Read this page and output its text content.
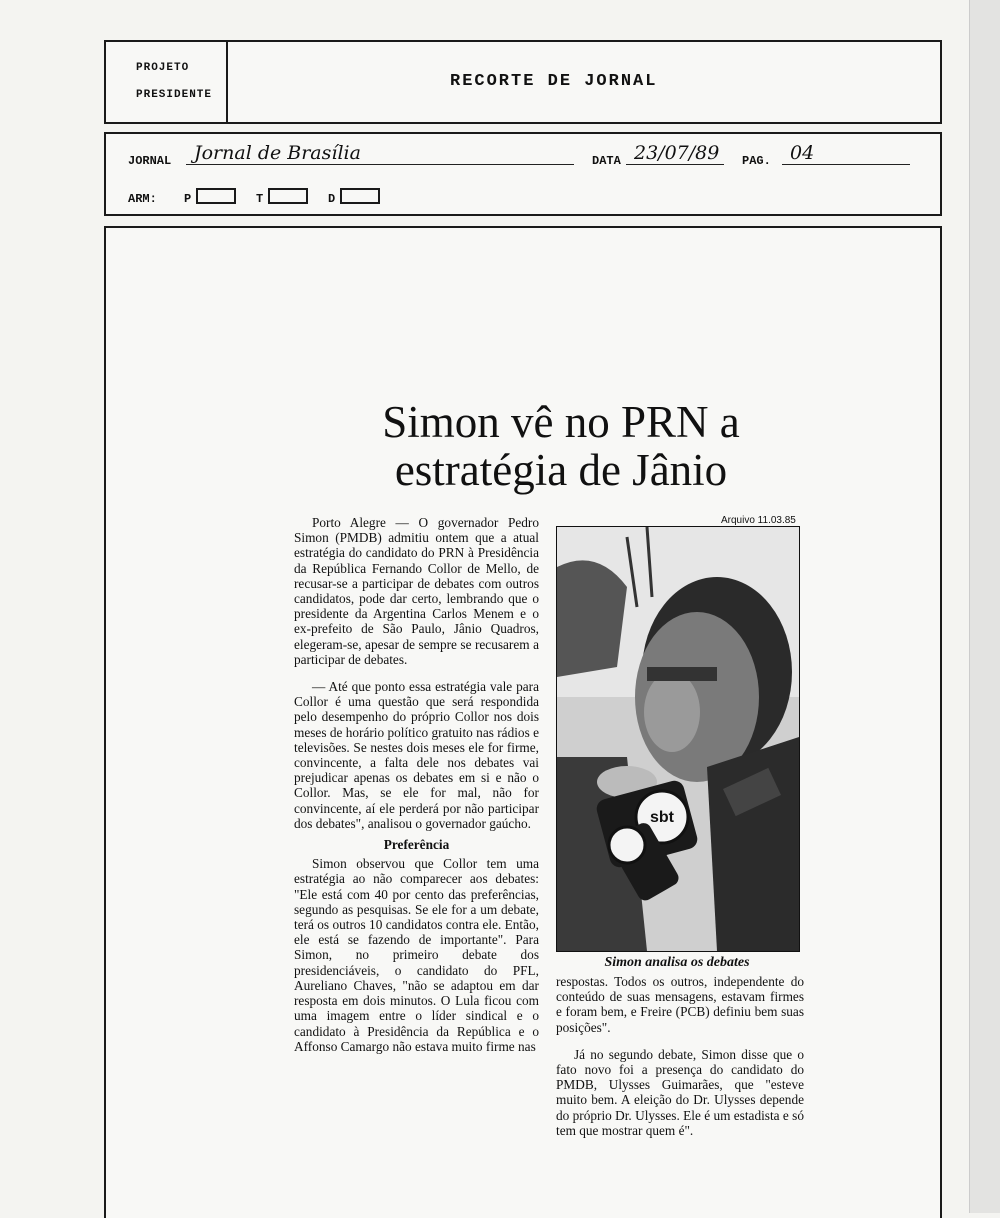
PROJETO
PRESIDENTE
RECORTE DE JORNAL
JORNAL	Jornal de Brasília	DATA 23/07/89	PAG.	04
ARM: P	T	D
Simon vê no PRN a
estratégia de Jânio

Porto Alegre — O governador Pedro Simon (PMDB) admitiu ontem que a atual estratégia do candidato do PRN à Presidência da República Fernando Collor de Mello, de recusar-se a participar de debates com outros candidatos, pode dar certo, lembrando que o presidente da Argentina Carlos Menem e o ex-prefeito de São Paulo, Jânio Quadros, elegeram-se, apesar de sempre se recusarem a participar de debates.

— Até que ponto essa estratégia vale para Collor é uma questão que será respondida pelo desempenho do próprio Collor nos dois meses de horário político gratuito nas rádios e televisões. Se nestes dois meses ele for firme, convincente, a falta dele nos debates vai prejudicar apenas os debates em si e não o Collor. Mas, se ele for mal, não for convincente, aí ele perderá por não participar dos debates", analisou o governador gaúcho.

Preferência

Simon observou que Collor tem uma estratégia ao não comparecer aos debates: "Ele está com 40 por cento das preferências, segundo as pesquisas. Se ele for a um debate, terá os outros 10 candidatos contra ele. Então, ele está se fazendo de importante". Para Simon, no primeiro debate dos presidenciáveis, o candidato do PFL, Aureliano Chaves, "não se adaptou em dar resposta em dois minutos. O Lula ficou com uma imagem entre o líder sindical e o candidato à Presidência da República e o Affonso Camargo não estava muito firme nas

Arquivo 11.03.85
sbt
Simon analisa os debates

respostas. Todos os outros, independente do conteúdo de suas mensagens, estavam firmes e foram bem, e Freire (PCB) definiu bem suas posições".

Já no segundo debate, Simon disse que o fato novo foi a presença do candidato do PMDB, Ulysses Guimarães, que "esteve muito bem. A eleição do Dr. Ulysses depende do próprio Dr. Ulysses. Ele é um estadista e só tem que mostrar quem é".
